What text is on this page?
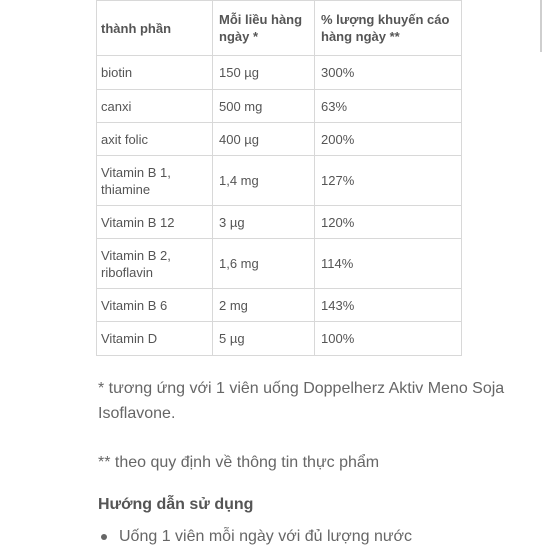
thành phần	Mỗi liều hàng ngày *	% lượng khuyến cáo hàng ngày **
biotin	150 µg	300%
canxi	500 mg	63%
axit folic	400 µg	200%
Vitamin B 1, thiamine	1,4 mg	127%
Vitamin B 12	3 µg	120%
Vitamin B 2, riboflavin	1,6 mg	114%
Vitamin B 6	2 mg	143%
Vitamin D	5 µg	100%
* tương ứng với 1 viên uống Doppelherz Aktiv Meno Soja Isoflavone.
** theo quy định về thông tin thực phẩm
Hướng dẫn sử dụng
Uống 1 viên mỗi ngày với đủ lượng nước
